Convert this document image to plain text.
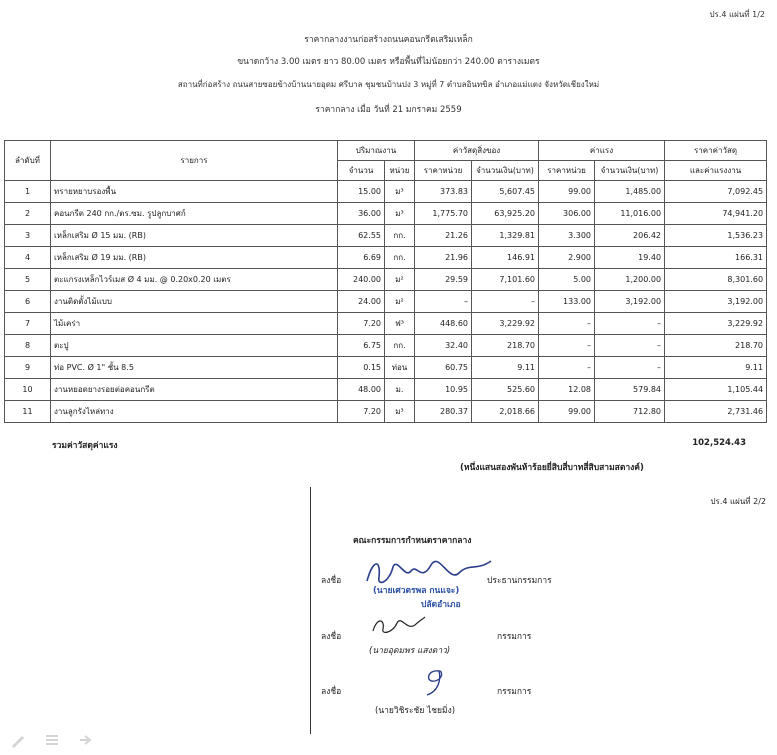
ปร.4 แผ่นที่ 1/2
ราคากลางงานก่อสร้างถนนคอนกรีตเสริมเหล็ก
ขนาดกว้าง 3.00 เมตร ยาว 80.00 เมตร หรือพื้นที่ไม่น้อยกว่า 240.00 ตารางเมตร
สถานที่ก่อสร้าง ถนนสายซอยข้างบ้านนายอุดม ศรีบาล ชุมชนบ้านปง 3 หมู่ที่ 7 ตำบลอินทขิล อำเภอแม่แตง จังหวัดเชียงใหม่
ราคากลาง เมื่อ วันที่ 21 มกราคม 2559
ลำดับที่	รายการ	ปริมาณงาน		ค่าวัสดุสิ่งของ		ค่าแรง		ราคาค่าวัสดุ
		จำนวน	หน่วย	ราคาหน่วย	จำนวนเงิน(บาท)	ราคาหน่วย	จำนวนเงิน(บาท)	และค่าแรงงาน
1	ทรายหยาบรองพื้น	15.00	ม³	373.83	5,607.45	99.00	1,485.00	7,092.45
2	คอนกรีต 240 กก./ตร.ซม. รูปลูกบาศก์	36.00	ม³	1,775.70	63,925.20	306.00	11,016.00	74,941.20
3	เหล็กเสริม Ø 15 มม. (RB)	62.55	กก.	21.26	1,329.81	3.300	206.42	1,536.23
4	เหล็กเสริม Ø 19 มม. (RB)	6.69	กก.	21.96	146.91	2.900	19.40	166.31
5	ตะแกรงเหล็กไวร์เมส Ø 4 มม. @ 0.20x0.20 เมตร	240.00	ม²	29.59	7,101.60	5.00	1,200.00	8,301.60
6	งานติดตั้งไม้แบบ	24.00	ม²	–	–	133.00	3,192.00	3,192.00
7	ไม้เคร่า	7.20	ฟ³	448.60	3,229.92	–	–	3,229.92
8	ตะปู	6.75	กก.	32.40	218.70	–	–	218.70
9	ท่อ PVC. Ø 1" ชั้น 8.5	0.15	ท่อน	60.75	9.11	–	–	9.11
10	งานหยอดยางรอยต่อคอนกรีต	48.00	ม.	10.95	525.60	12.08	579.84	1,105.44
11	งานลูกรังไหล่ทาง	7.20	ม³	280.37	2,018.66	99.00	712.80	2,731.46
รวมค่าวัสดุค่าแรง	102,524.43
(หนึ่งแสนสองพันห้าร้อยยี่สิบสี่บาทสี่สิบสามสตางค์)
ปร.4 แผ่นที่ 2/2
คณะกรรมการกำหนดราคากลาง
ลงชื่อ	ประธานกรรมการ
(นายเศวตรพล กนแจะ)
ปลัดอำเภอ
ลงชื่อ	กรรมการ
(นายอุดมพร แสงดาว)
ลงชื่อ	กรรมการ
(นายวิชิระชัย ไชยมิ่ง)
